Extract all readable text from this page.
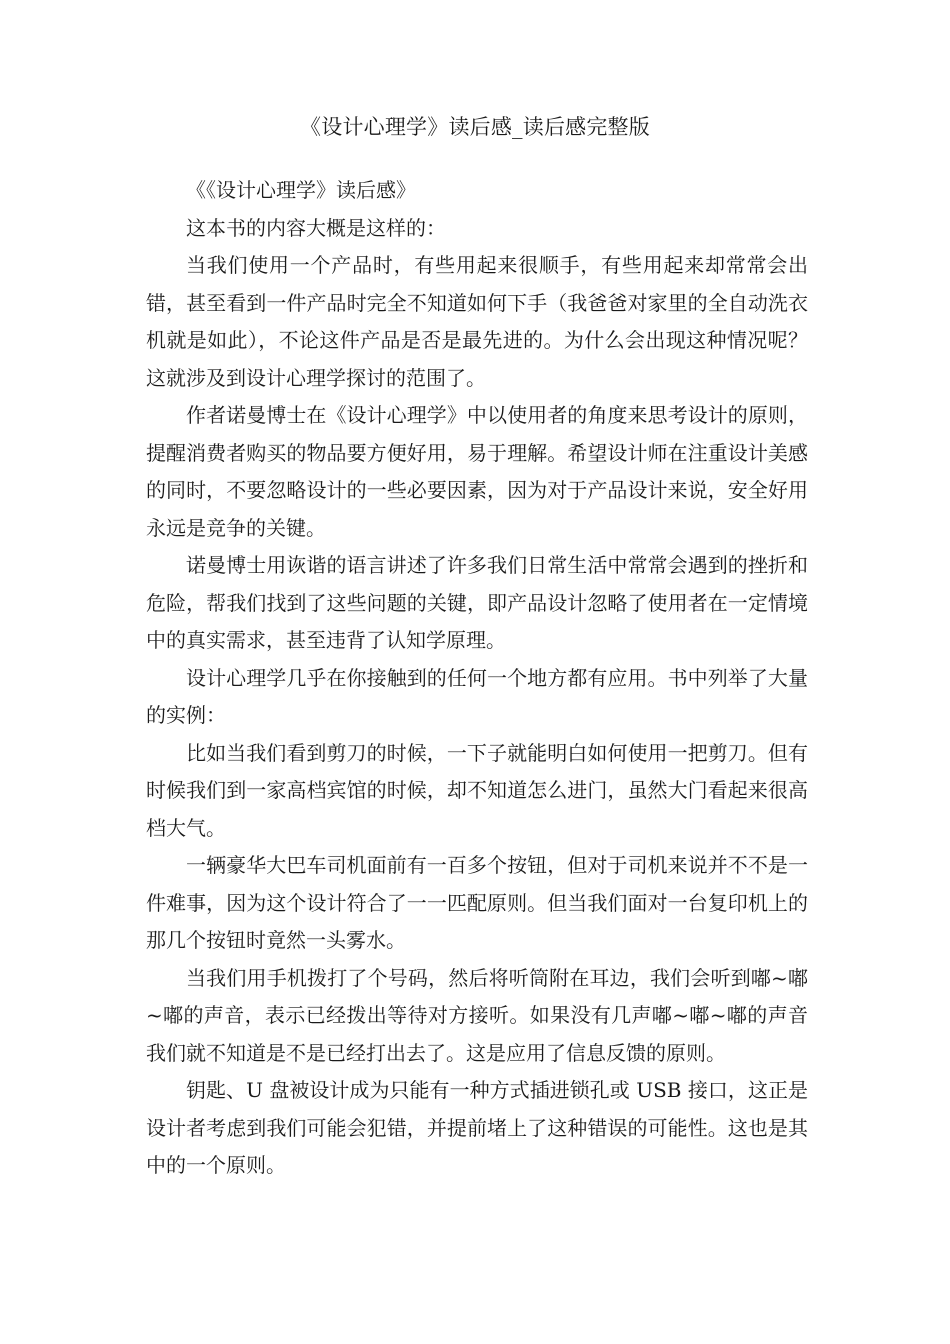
《设计心理学》读后感_读后感完整版

《《设计心理学》读后感》

这本书的内容大概是这样的：

当我们使用一个产品时，有些用起来很顺手，有些用起来却常常会出错，甚至看到一件产品时完全不知道如何下手（我爸爸对家里的全自动洗衣机就是如此），不论这件产品是否是最先进的。为什么会出现这种情况呢？这就涉及到设计心理学探讨的范围了。

作者诺曼博士在《设计心理学》中以使用者的角度来思考设计的原则，提醒消费者购买的物品要方便好用，易于理解。希望设计师在注重设计美感的同时，不要忽略设计的一些必要因素，因为对于产品设计来说，安全好用永远是竞争的关键。

诺曼博士用诙谐的语言讲述了许多我们日常生活中常常会遇到的挫折和危险，帮我们找到了这些问题的关键，即产品设计忽略了使用者在一定情境中的真实需求，甚至违背了认知学原理。

设计心理学几乎在你接触到的任何一个地方都有应用。书中列举了大量的实例：

比如当我们看到剪刀的时候，一下子就能明白如何使用一把剪刀。但有时候我们到一家高档宾馆的时候，却不知道怎么进门，虽然大门看起来很高档大气。

一辆豪华大巴车司机面前有一百多个按钮，但对于司机来说并不不是一件难事，因为这个设计符合了一一匹配原则。但当我们面对一台复印机上的那几个按钮时竟然一头雾水。

当我们用手机拨打了个号码，然后将听筒附在耳边，我们会听到嘟~嘟~嘟的声音，表示已经拨出等待对方接听。如果没有几声嘟~嘟~嘟的声音我们就不知道是不是已经打出去了。这是应用了信息反馈的原则。

钥匙、U 盘被设计成为只能有一种方式插进锁孔或 USB 接口，这正是设计者考虑到我们可能会犯错，并提前堵上了这种错误的可能性。这也是其中的一个原则。
